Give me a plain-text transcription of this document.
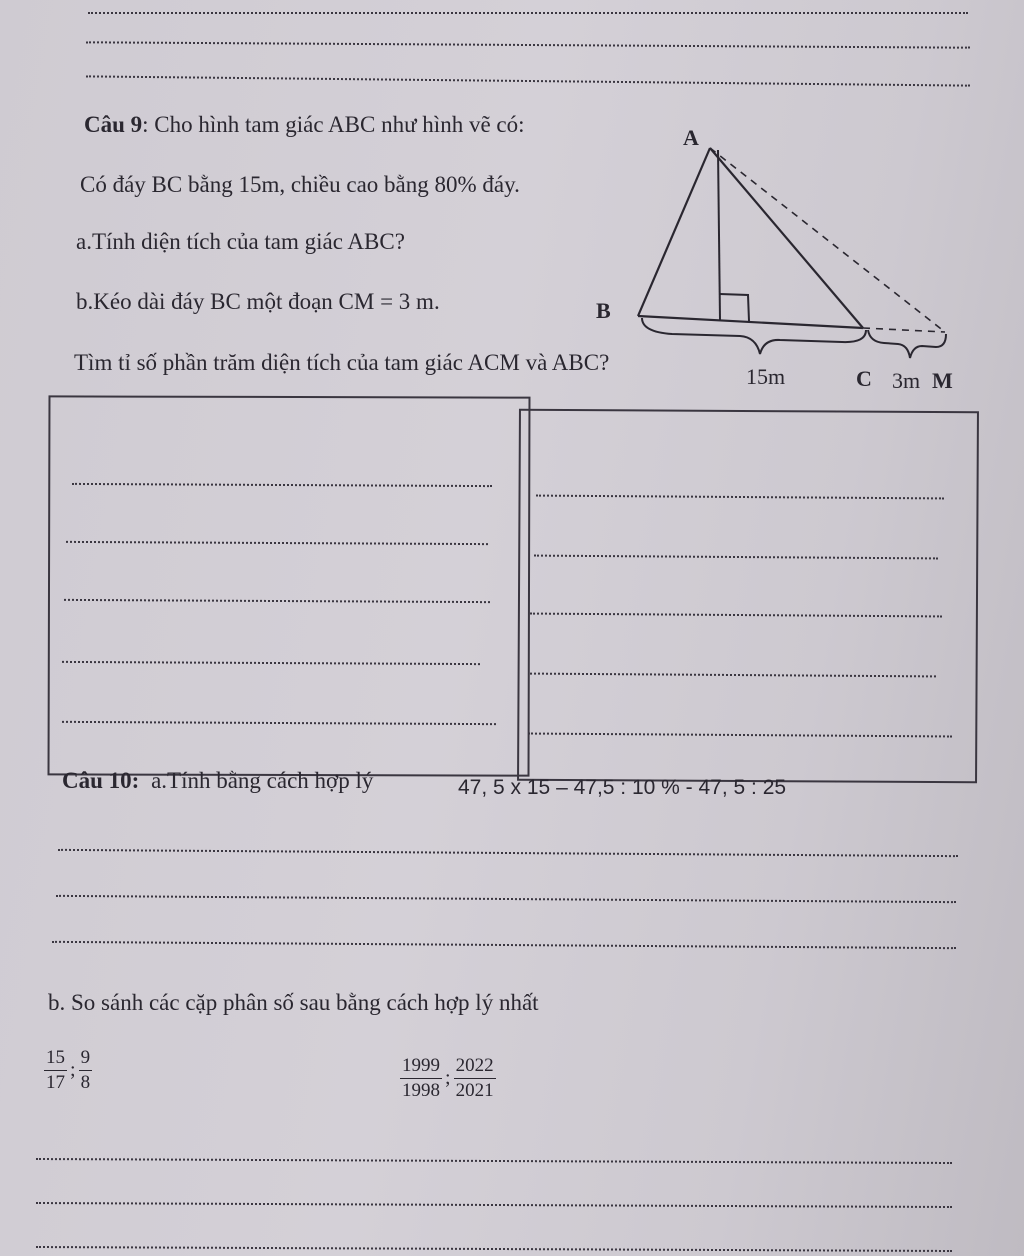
Câu 9: Cho hình tam giác ABC như hình vẽ có:
Có đáy BC bằng 15m, chiều cao bằng 80% đáy.
a.Tính diện tích của tam giác ABC?
b.Kéo dài đáy BC một đoạn CM = 3 m.
Tìm tỉ số phần trăm diện tích của tam giác ACM và ABC?
A
B
15m	C 3m M
Câu 10: a.Tính bằng cách hợp lý	47, 5 x 15 – 47,5 : 10 % - 47, 5 : 25
b. So sánh các cặp phân số sau bằng cách hợp lý nhất
$\frac{15}{17}$ ; $\frac{9}{8}$	$\frac{1999}{1998}$ ; $\frac{2022}{2021}$
